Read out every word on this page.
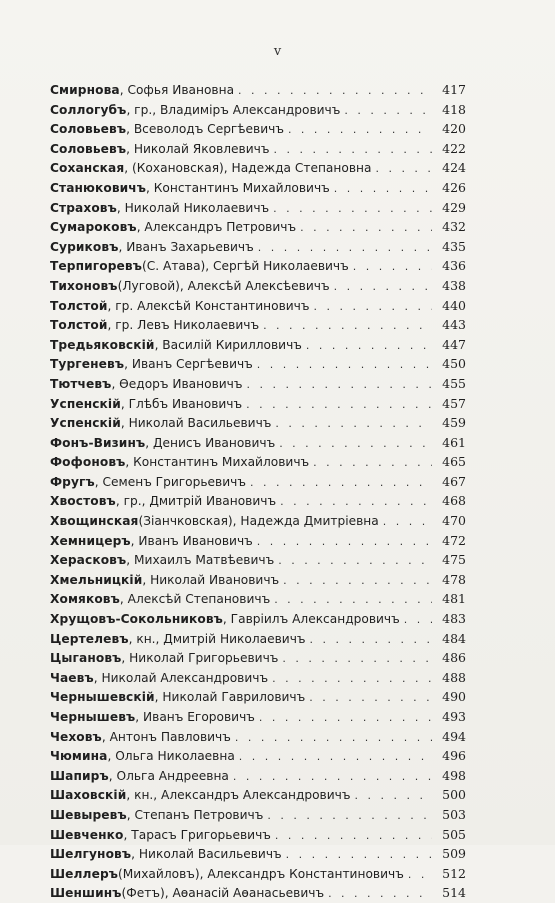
v
Смирнова , Софья Ивановна . . .	417
Соллогубъ , гр., Владиміръ Александровичъ . . .	418
Соловьевъ , Всеволодъ Сергѣевичъ . . .	420
Соловьевъ , Николай Яковлевичъ . . .	422
Соханская , (Кохановская), Надежда Степановна . . .	424
Станюковичъ , Константинъ Михайловичъ . . .	426
Страховъ , Николай Николаевичъ . . .	429
Сумароковъ , Александръ Петровичъ . . .	432
Суриковъ , Иванъ Захарьевичъ . . .	435
Терпигоревъ (С. Атава), Сергѣй Николаевичъ . . .	436
Тихоновъ (Луговой), Алексѣй Алексѣевичъ . . .	438
Толстой , гр. Алексѣй Константиновичъ . . .	440
Толстой , гр. Левъ Николаевичъ . . .	443
Тредьяковскій , Василій Кирилловичъ . . .	447
Тургеневъ , Иванъ Сергѣевичъ . . .	450
Тютчевъ , Ѳедоръ Ивановичъ . . .	455
Успенскій , Глѣбъ Ивановичъ . . .	457
Успенскій , Николай Васильевичъ . . .	459
Фонъ-Визинъ , Денисъ Ивановичъ . . .	461
Фофоновъ , Константинъ Михайловичъ . . .	465
Фругъ , Семенъ Григорьевичъ . . .	467
Хвостовъ , гр., Дмитрій Ивановичъ . . .	468
Хвощинская (Зіанчковская), Надежда Дмитріевна . . .	470
Хемницеръ , Иванъ Ивановичъ . . .	472
Херасковъ , Михаилъ Матвѣевичъ . . .	475
Хмельницкій , Николай Ивановичъ . . .	478
Хомяковъ , Алексѣй Степановичъ . . .	481
Хрущовъ-Сокольниковъ , Гавріилъ Александровичъ . . .	483
Цертелевъ , кн., Дмитрій Николаевичъ . . .	484
Цыгановъ , Николай Григорьевичъ . . .	486
Чаевъ , Николай Александровичъ . . .	488
Чернышевскій , Николай Гавриловичъ . . .	490
Чернышевъ , Иванъ Егоровичъ . . .	493
Чеховъ , Антонъ Павловичъ . . .	494
Чюмина , Ольга Николаевна . . .	496
Шапиръ , Ольга Андреевна . . .	498
Шаховскій , кн., Александръ Александровичъ . . .	500
Шевыревъ , Степанъ Петровичъ . . .	503
Шевченко , Тарасъ Григорьевичъ . . .	505
Шелгуновъ , Николай Васильевичъ . . .	509
Шеллеръ (Михайловъ), Александръ Константиновичъ . . .	512
Шеншинъ (Фетъ), Аѳанасій Аѳанасьевичъ . . .	514
